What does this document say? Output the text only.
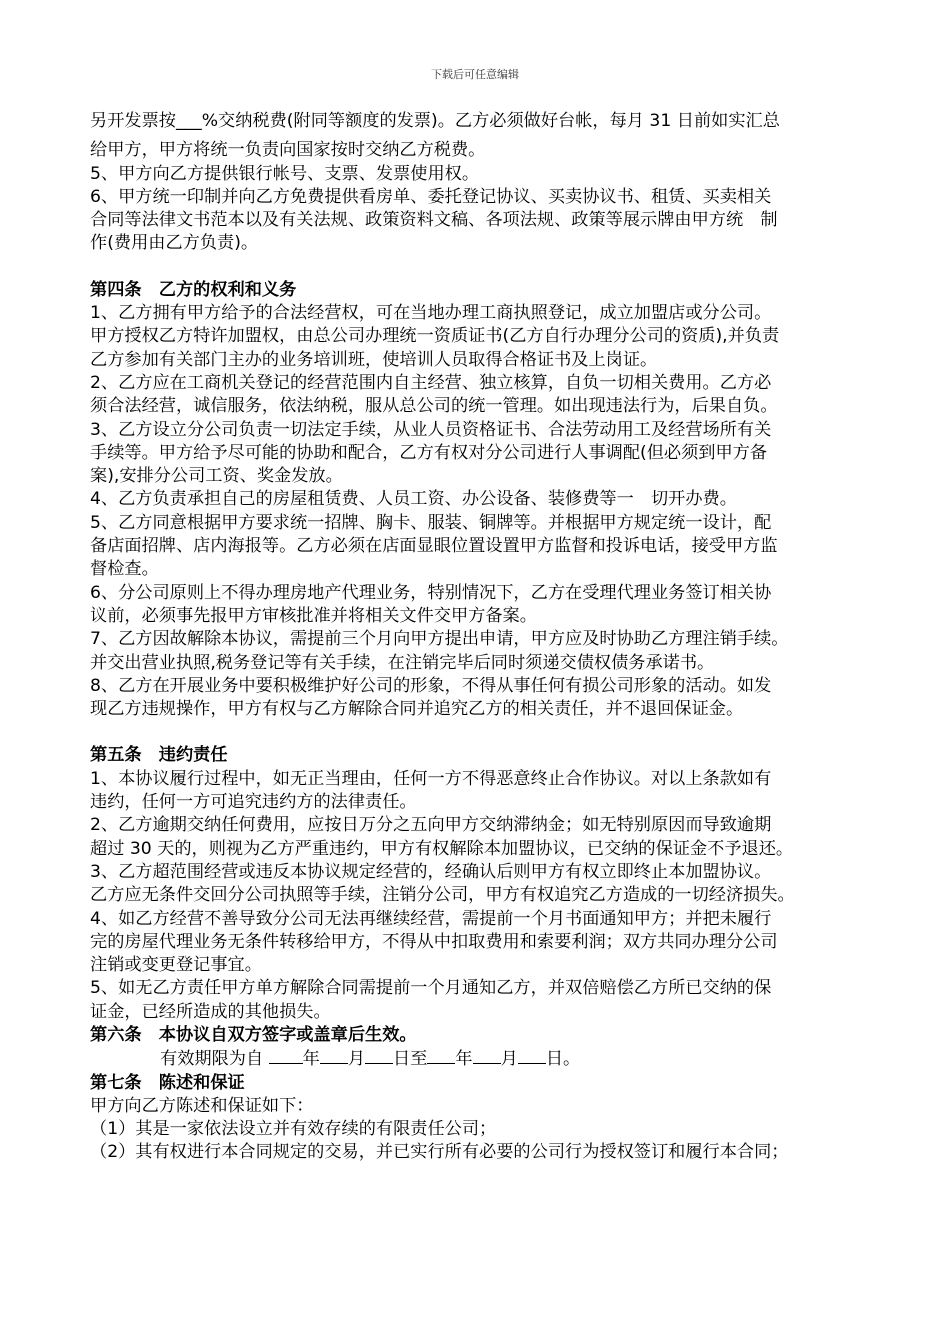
下载后可任意编辑

另开发票按___%交纳税费(附同等额度的发票)。乙方必须做好台帐，每月 31 日前如实汇总

给甲方，甲方将统一负责向国家按时交纳乙方税费。

5、甲方向乙方提供银行帐号、支票、发票使用权。

6、甲方统一印制并向乙方免费提供看房单、委托登记协议、买卖协议书、租赁、买卖相关

合同等法律文书范本以及有关法规、政策资料文稿、各项法规、政策等展示牌由甲方统　制

作(费用由乙方负责)。

第四条　乙方的权利和义务

1、乙方拥有甲方给予的合法经营权，可在当地办理工商执照登记，成立加盟店或分公司。

甲方授权乙方特许加盟权，由总公司办理统一资质证书(乙方自行办理分公司的资质),并负责

乙方参加有关部门主办的业务培训班，使培训人员取得合格证书及上岗证。

2、乙方应在工商机关登记的经营范围内自主经营、独立核算，自负一切相关费用。乙方必

须合法经营，诚信服务，依法纳税，服从总公司的统一管理。如出现违法行为，后果自负。

3、乙方设立分公司负责一切法定手续，从业人员资格证书、合法劳动用工及经营场所有关

手续等。甲方给予尽可能的协助和配合，乙方有权对分公司进行人事调配(但必须到甲方备

案),安排分公司工资、奖金发放。

4、乙方负责承担自己的房屋租赁费、人员工资、办公设备、装修费等一　切开办费。

5、乙方同意根据甲方要求统一招牌、胸卡、服装、铜牌等。并根据甲方规定统一设计，配

备店面招牌、店内海报等。乙方必须在店面显眼位置设置甲方监督和投诉电话，接受甲方监

督检查。

6、分公司原则上不得办理房地产代理业务，特别情况下，乙方在受理代理业务签订相关协

议前，必须事先报甲方审核批准并将相关文件交甲方备案。

7、乙方因故解除本协议，需提前三个月向甲方提出申请，甲方应及时协助乙方理注销手续。

并交出营业执照,税务登记等有关手续，在注销完毕后同时须递交债权债务承诺书。

8、乙方在开展业务中要积极维护好公司的形象，不得从事任何有损公司形象的活动。如发

现乙方违规操作，甲方有权与乙方解除合同并追究乙方的相关责任，并不退回保证金。

第五条　违约责任

1、本协议履行过程中，如无正当理由，任何一方不得恶意终止合作协议。对以上条款如有

违约，任何一方可追究违约方的法律责任。

2、乙方逾期交纳任何费用，应按日万分之五向甲方交纳滞纳金；如无特别原因而导致逾期

超过 30 天的，则视为乙方严重违约，甲方有权解除本加盟协议，已交纳的保证金不予退还。

3、乙方超范围经营或违反本协议规定经营的，经确认后则甲方有权立即终止本加盟协议。

乙方应无条件交回分公司执照等手续，注销分公司，甲方有权追究乙方造成的一切经济损失。

4、如乙方经营不善导致分公司无法再继续经营，需提前一个月书面通知甲方；并把未履行

完的房屋代理业务无条件转移给甲方，不得从中扣取费用和索要利润；双方共同办理分公司

注销或变更登记事宜。

5、如无乙方责任甲方单方解除合同需提前一个月通知乙方，并双倍赔偿乙方所已交纳的保

证金，已经所造成的其他损失。

第六条　本协议自双方签字或盖章后生效。

有效期限为自 年 月 日至 年 月 日。

第七条　陈述和保证

甲方向乙方陈述和保证如下：

（1）其是一家依法设立并有效存续的有限责任公司；

（2）其有权进行本合同规定的交易，并已实行所有必要的公司行为授权签订和履行本合同；
